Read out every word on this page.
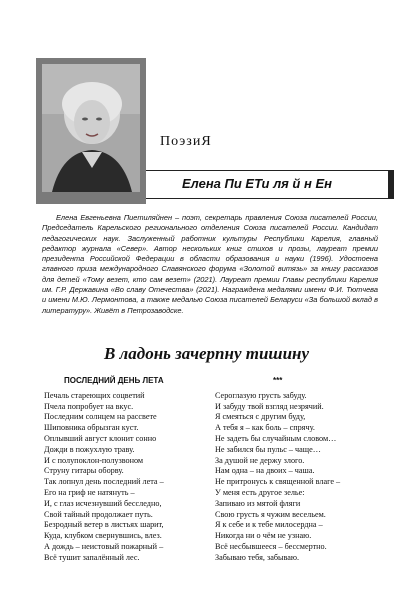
ПоэзиЯ
Елена Пи ЕТи ля й н Ен
Елена Евгеньевна Пиетиляйнен – поэт, секретарь правления Союза писателей России, Председатель Карельского регионального отделения Союза писателей России. Кандидат педагогических наук. Заслуженный работник культуры Республики Карелия, главный редактор журнала «Север». Автор нескольких книг стихов и прозы, лауреат премии президента Российской Федерации в области образования и науки (1996). Удостоена главного приза международного Славянского форума «Золотой витязь» за книгу рассказов для детей «Тому везет, кто сам везет» (2021). Лауреат премии Главы республики Карелия им. Г.Р. Державина «Во славу Отечества» (2021). Награждена медалями имени Ф.И. Тютчева и имени М.Ю. Лермонтова, а также медалью Союза писателей Беларуси «За большой вклад в литературу». Живёт в Петрозаводске.
В ладонь зачерпну тишину
ПОСЛЕДНИЙ ДЕНЬ ЛЕТА
Печаль стареющих соцветий
Пчела попробует на вкус.
Последним солнцем на рассвете
Шиповника обрызган куст.
Оплывший август клонит сонно
Дожди в пожухлую траву.
И с полупоклон-полузвоном
Струну гитары оборву.
Так лопнул день последний лета –
Его на гриф не натянуть –
И, с глаз исчезнувший бесследно,
Свой тайный продолжает путь.
Безродный ветер в листьях шарит,
Куда, клубком свернувшись, влез.
А дождь – неистовый пожарный –
Всё тушит запалённый лес.
***
Сероглазую грусть забуду.
И забуду твой взгляд незрячий.
Я смеяться с другим буду,
А тебя я – как боль – спрячу.
Не задеть бы случайным словом…
Не забился бы пульс – чаще…
За душой не держу злого.
Нам одна – на двоих – чаша.
Не притронусь к священной влаге –
У меня есть другое зелье:
Запиваю из мятой фляги
Свою грусть я чужим весельем.
Я к себе и к тебе милосердна –
Никогда ни о чём не узнаю.
Всё несбывшееся – бессмертно.
Забываю тебя, забываю.
